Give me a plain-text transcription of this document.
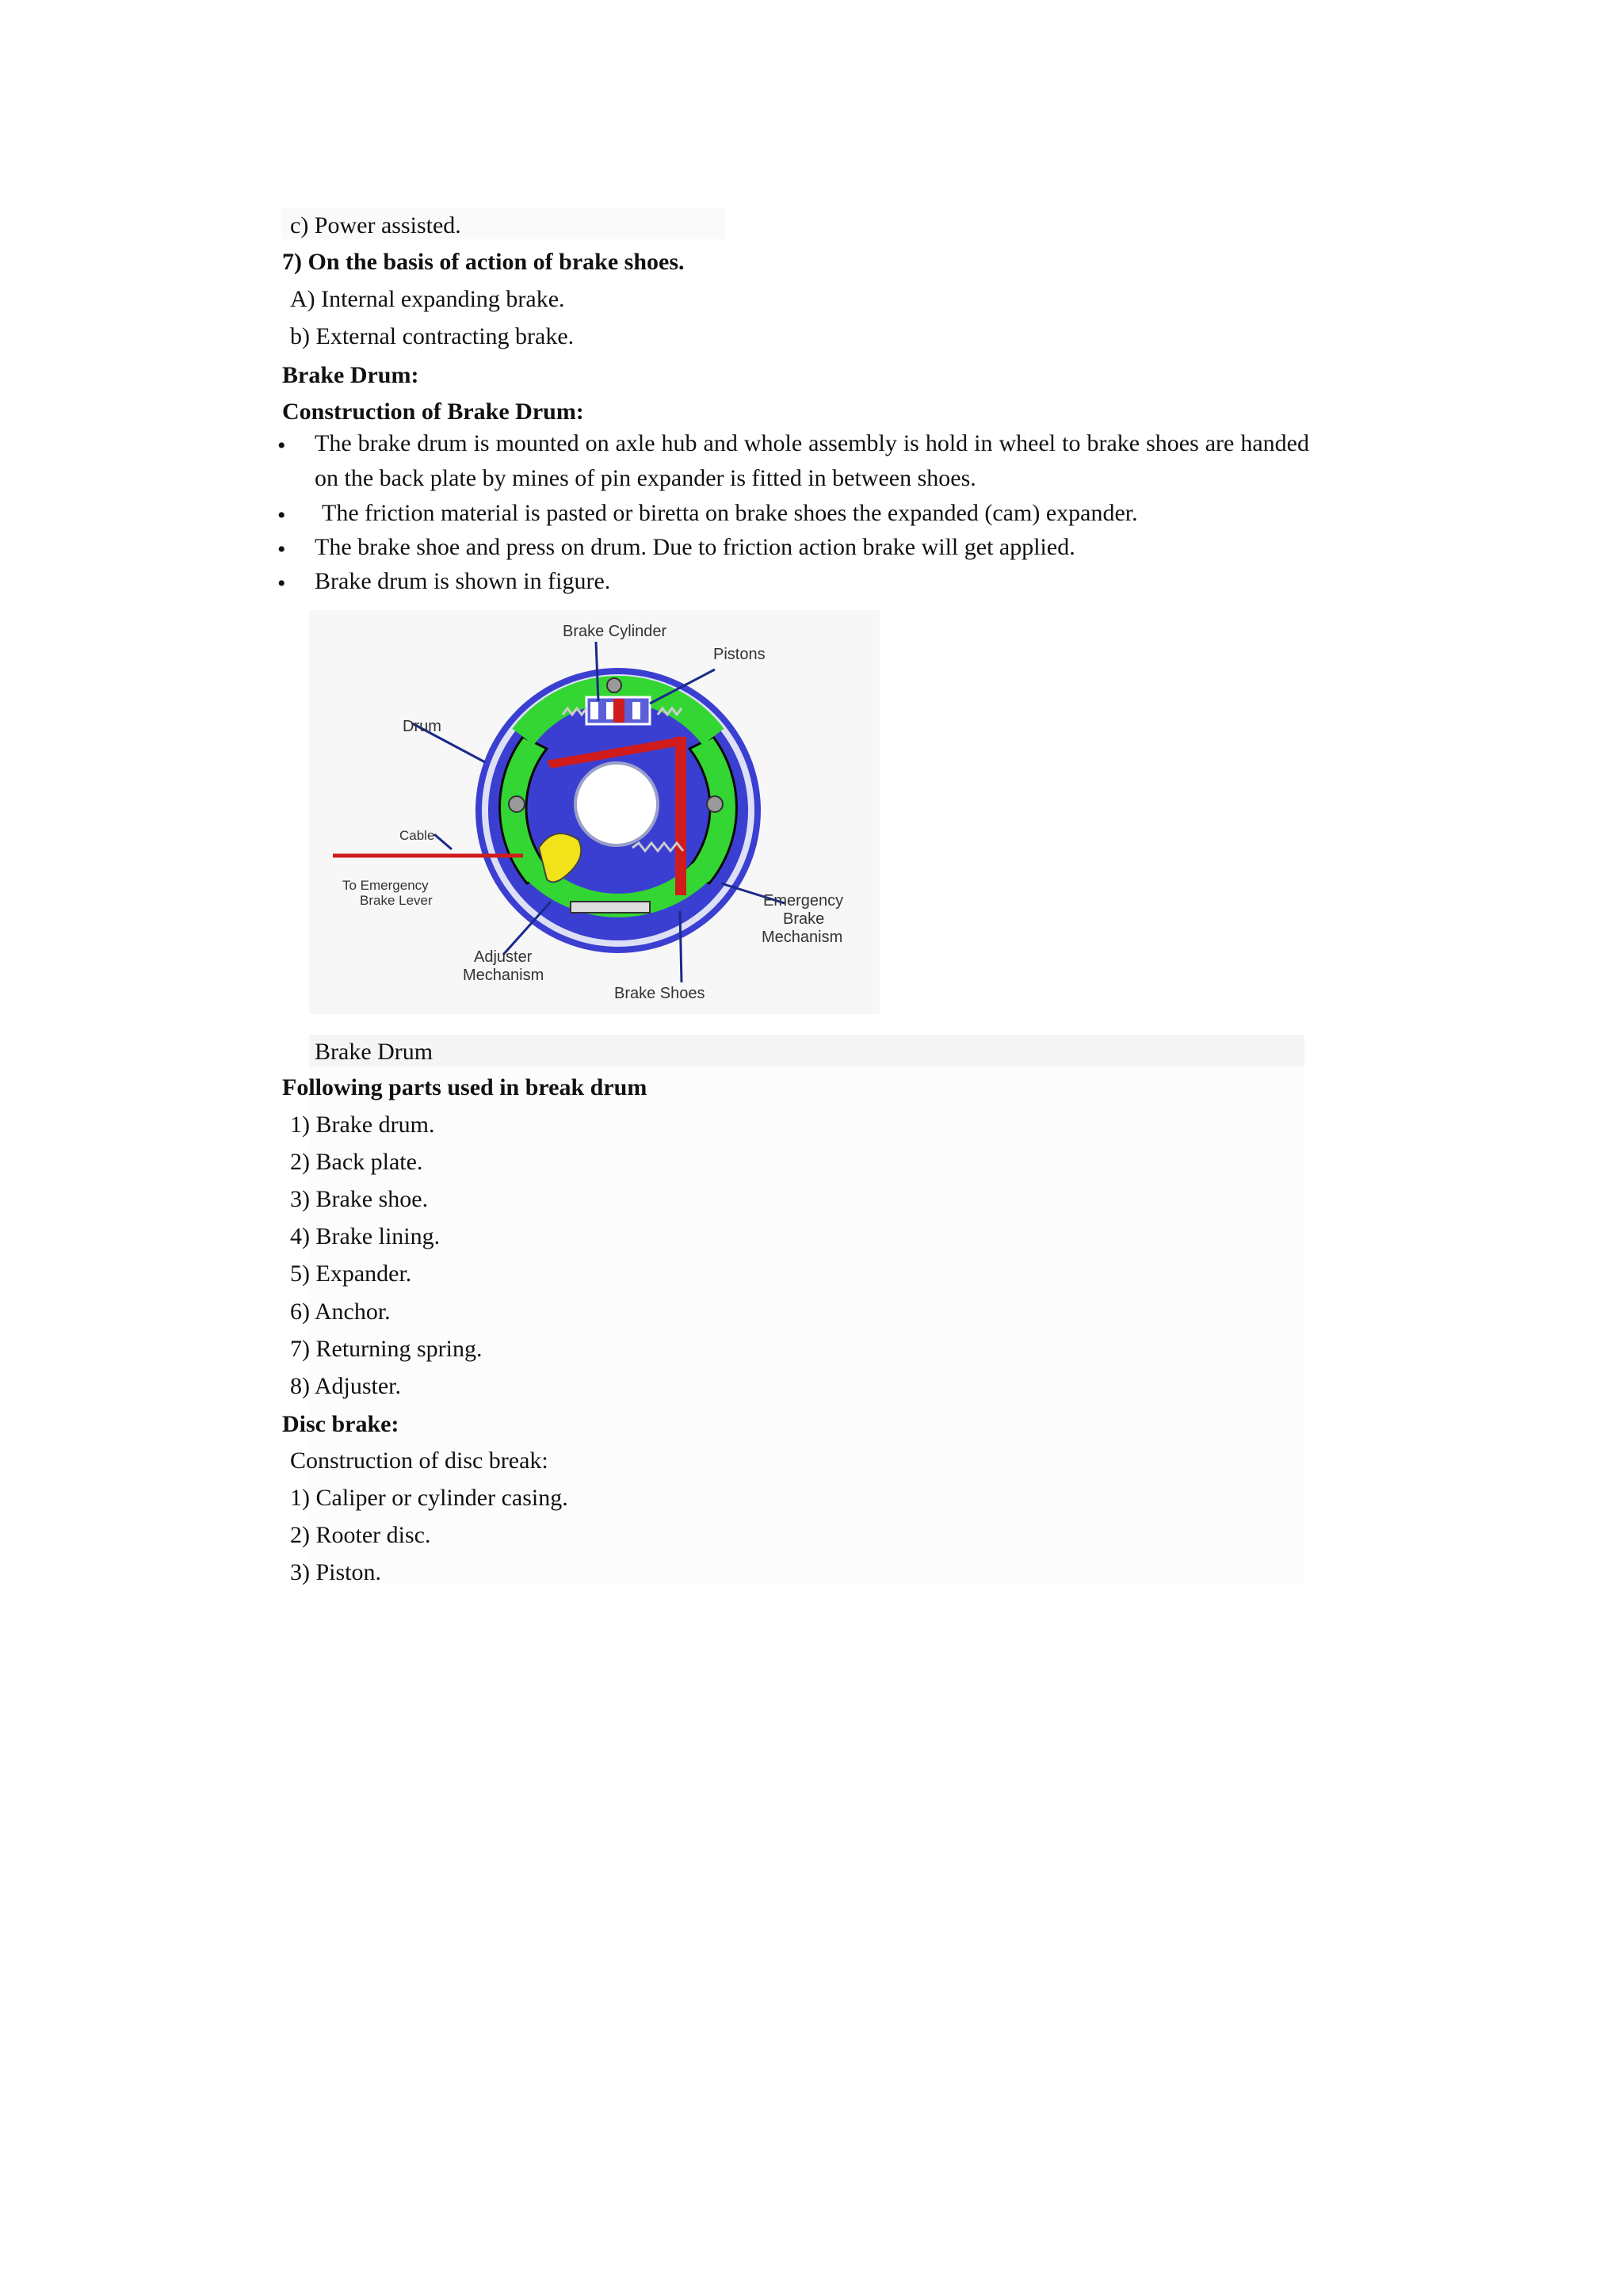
c) Power assisted.
7) On the basis of action of brake shoes.
A) Internal expanding brake.
b) External contracting brake.
Brake Drum:
Construction of Brake Drum:
•	The brake drum is mounted on axle hub and whole assembly is hold in wheel to brake shoes are handed on the back plate by mines of pin expander is fitted in between shoes.
•	The friction material is pasted or biretta on brake shoes the expanded (cam) expander.
•	The brake shoe and press on drum. Due to friction action brake will get applied.
•	Brake drum is shown in figure.
Brake Cylinder
Pistons
Drum
Cable
To Emergency
Brake Lever	Emergency
Brake
Mechanism
Adjuster
Mechanism
Brake Shoes
Brake Drum
Following parts used in break drum
1) Brake drum.
2) Back plate.
3) Brake shoe.
4) Brake lining.
5) Expander.
6) Anchor.
7) Returning spring.
8) Adjuster.
Disc brake:
Construction of disc break:
1) Caliper or cylinder casing.
2) Rooter disc.
3) Piston.
